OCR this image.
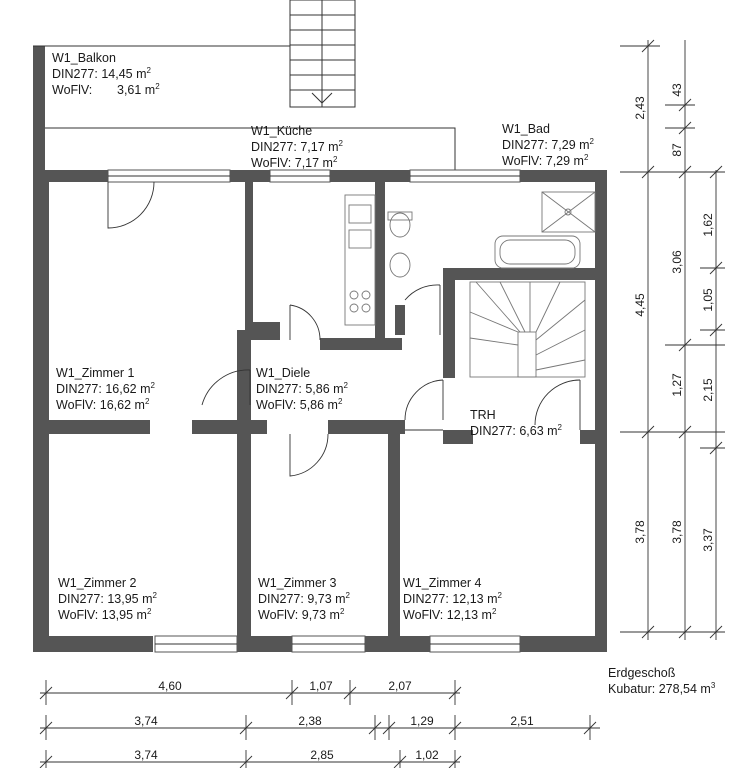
W1_Balkon
DIN277: 14,45 $m^2$
WoFlV: 3,61 $m^2$
W1_Küche
DIN277: 7,17 $m^2$
WoFlV: 7,17 $m^2$
W1_Bad
DIN277: 7,29 $m^2$
WoFlV: 7,29 $m^2$
W1_Zimmer 1
DIN277: 16,62 $m^2$
WoFlV: 16,62 $m^2$
W1_Diele
DIN277: 5,86 $m^2$
WoFlV: 5,86 $m^2$
TRH
DIN277: 6,63 $m^2$
W1_Zimmer 2
DIN277: 13,95 $m^2$
WoFlV: 13,95 $m^2$
W1_Zimmer 3
DIN277: 9,73 $m^2$
WoFlV: 9,73 $m^2$
W1_Zimmer 4
DIN277: 12,13 $m^2$
WoFlV: 12,13 $m^2$
2,43
4,45
3,78
43
87
3,06
1,27
3,78
1,62
1,05
2,15
3,37
4,60	1,07	2,07
3,74	2,38	1,29	2,51
3,74	2,85	1,02
Erdgeschoß
Kubatur: 278,54 $m^3$
